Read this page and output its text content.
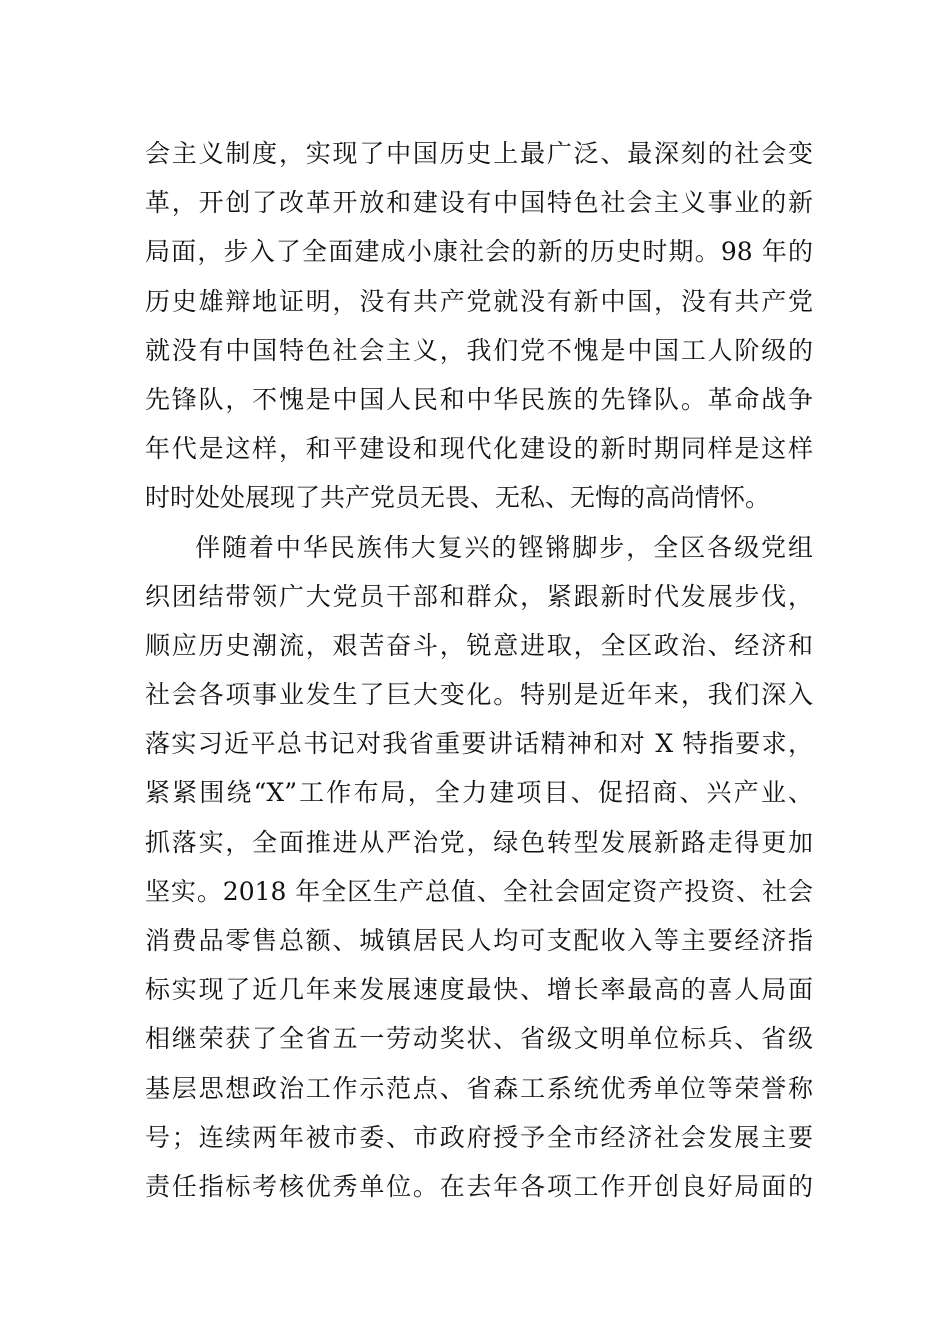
会主义制度，实现了中国历史上最广泛、最深刻的社会变
革，开创了改革开放和建设有中国特色社会主义事业的新
局面，步入了全面建成小康社会的新的历史时期。98 年的
历史雄辩地证明，没有共产党就没有新中国，没有共产党
就没有中国特色社会主义，我们党不愧是中国工人阶级的
先锋队，不愧是中国人民和中华民族的先锋队。革命战争
年代是这样，和平建设和现代化建设的新时期同样是这样
时时处处展现了共产党员无畏、无私、无悔的高尚情怀。
伴随着中华民族伟大复兴的铿锵脚步，全区各级党组
织团结带领广大党员干部和群众，紧跟新时代发展步伐，
顺应历史潮流，艰苦奋斗，锐意进取，全区政治、经济和
社会各项事业发生了巨大变化。特别是近年来，我们深入
落实习近平总书记对我省重要讲话精神和对 X 特指要求，
紧紧围绕“X”工作布局，全力建项目、促招商、兴产业、
抓落实，全面推进从严治党，绿色转型发展新路走得更加
坚实。2018 年全区生产总值、全社会固定资产投资、社会
消费品零售总额、城镇居民人均可支配收入等主要经济指
标实现了近几年来发展速度最快、增长率最高的喜人局面
相继荣获了全省五一劳动奖状、省级文明单位标兵、省级
基层思想政治工作示范点、省森工系统优秀单位等荣誉称
号；连续两年被市委、市政府授予全市经济社会发展主要
责任指标考核优秀单位。在去年各项工作开创良好局面的
